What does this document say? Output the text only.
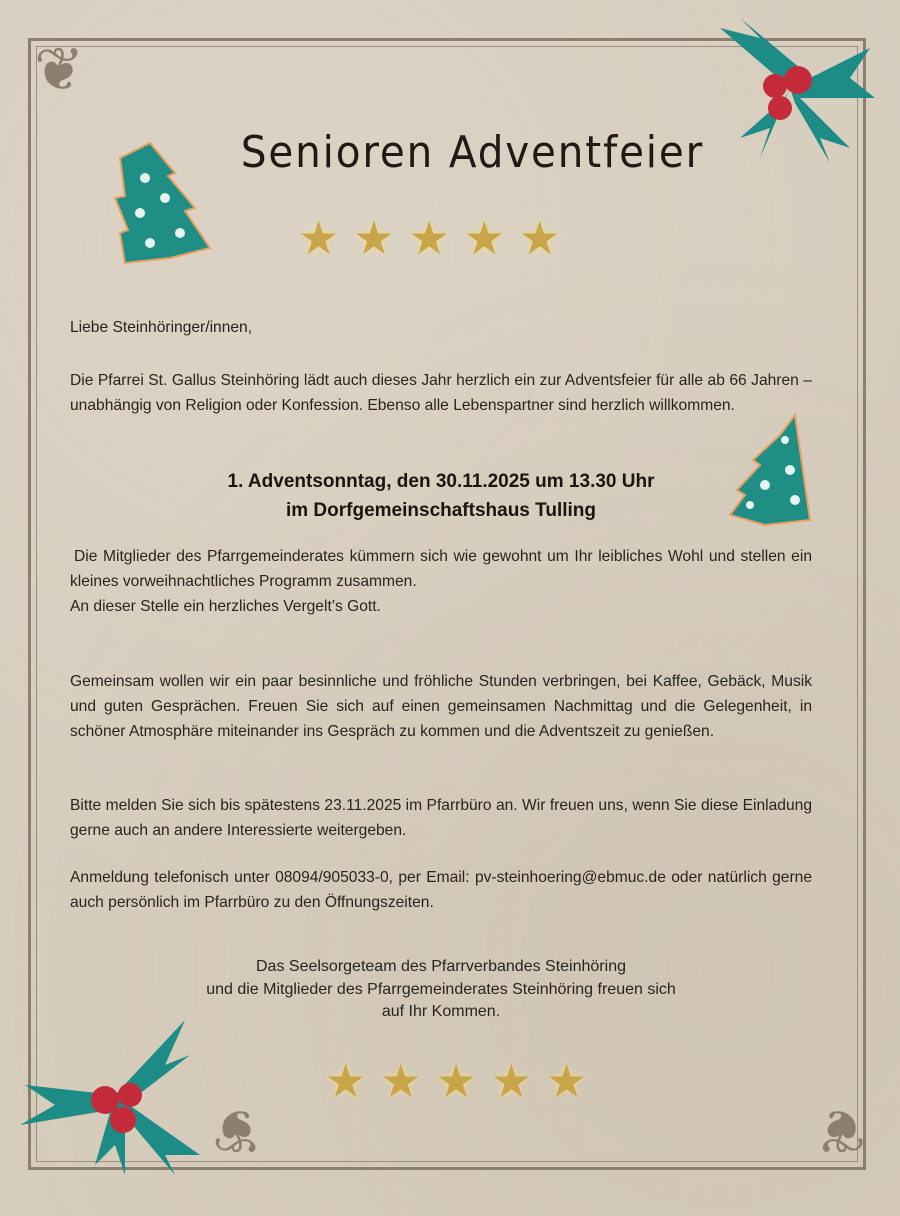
❦
❦	❦
Senioren Adventfeier
★ ★ ★ ★ ★
Liebe Steinhöringer/innen,
Die Pfarrei St. Gallus Steinhöring lädt auch dieses Jahr herzlich ein zur Adventsfeier für alle ab 66 Jahren – unabhängig von Religion oder Konfession. Ebenso alle Lebenspartner sind herzlich willkommen.
1. Adventsonntag, den 30.11.2025 um 13.30 Uhr
im Dorfgemeinschaftshaus Tulling

Die Mitglieder des Pfarrgemeinderates kümmern sich wie gewohnt um Ihr leibliches Wohl und stellen ein kleines vorweihnachtliches Programm zusammen.

An dieser Stelle ein herzliches Vergelt’s Gott.

Gemeinsam wollen wir ein paar besinnliche und fröhliche Stunden verbringen, bei Kaffee, Gebäck, Musik und guten Gesprächen. Freuen Sie sich auf einen gemeinsamen Nachmittag und die Gelegenheit, in schöner Atmosphäre miteinander ins Gespräch zu kommen und die Adventszeit zu genießen.
Bitte melden Sie sich bis spätestens 23.11.2025 im Pfarrbüro an. Wir freuen uns, wenn Sie diese Einladung gerne auch an andere Interessierte weitergeben.
Anmeldung telefonisch unter 08094/905033-0, per Email: pv-steinhoering@ebmuc.de oder natürlich gerne auch persönlich im Pfarrbüro zu den Öffnungszeiten.
Das Seelsorgeteam des Pfarrverbandes Steinhöring
und die Mitglieder des Pfarrgemeinderates Steinhöring freuen sich
auf Ihr Kommen.
★ ★ ★ ★ ★
